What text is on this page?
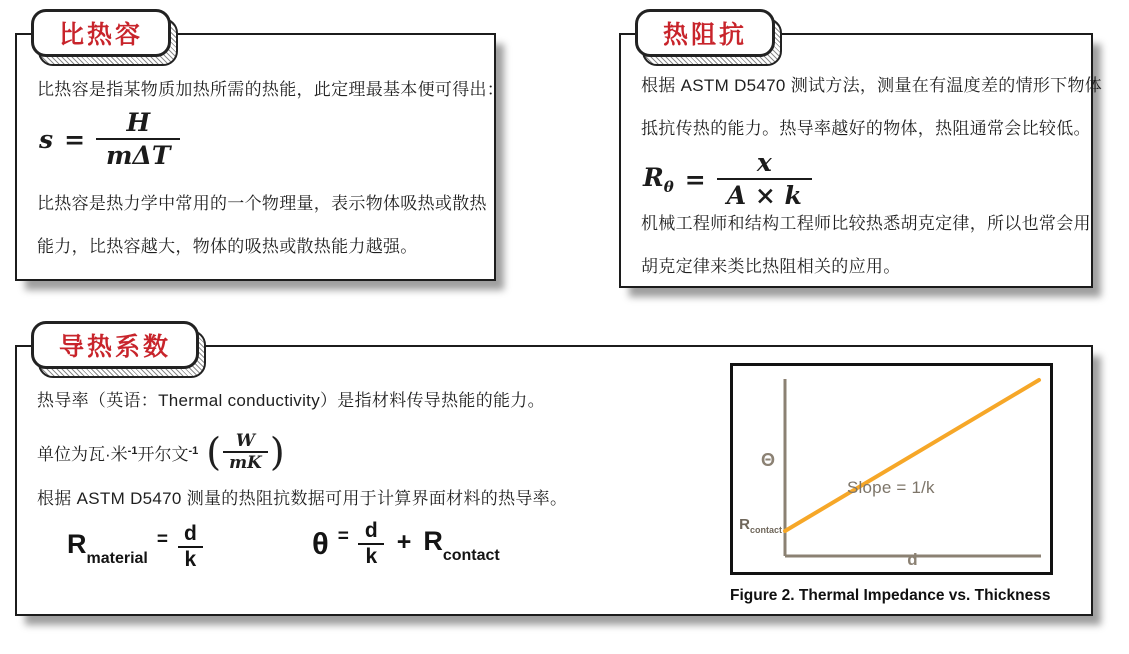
比热容
比热容是指某物质加热所需的热能，此定理最基本便可得出：
$s = \frac{H}{\text{mΔT}}$
比热容是热力学中常用的一个物理量，表示物体吸热或散热
能力，比热容越大，物体的吸热或散热能力越强。
热阻抗
根据 ASTM D5470 测试方法，测量在有温度差的情形下物体
抵抗传热的能力。热导率越好的物体，热阻通常会比较低。
$R_\theta = \frac{x}{A \times k}$
机械工程师和结构工程师比较热悉胡克定律，所以也常会用
胡克定律来类比热阻相关的应用。
导热系数
热导率（英语：Thermal conductivity）是指材料传导热能的能力。
单位为瓦·米 -1 开尔文 -1 ( $\frac{W}{mK}$ )
根据 ASTM D5470 测量的热阻抗数据可用于计算界面材料的热导率。
$R_{material}$
= $\frac{d}{k}$	$\theta = \frac{d}{k} + R_{contact}$
Θ
$R_{contact}$
d
Slope = 1/k
Figure 2. Thermal Impedance vs. Thickness
